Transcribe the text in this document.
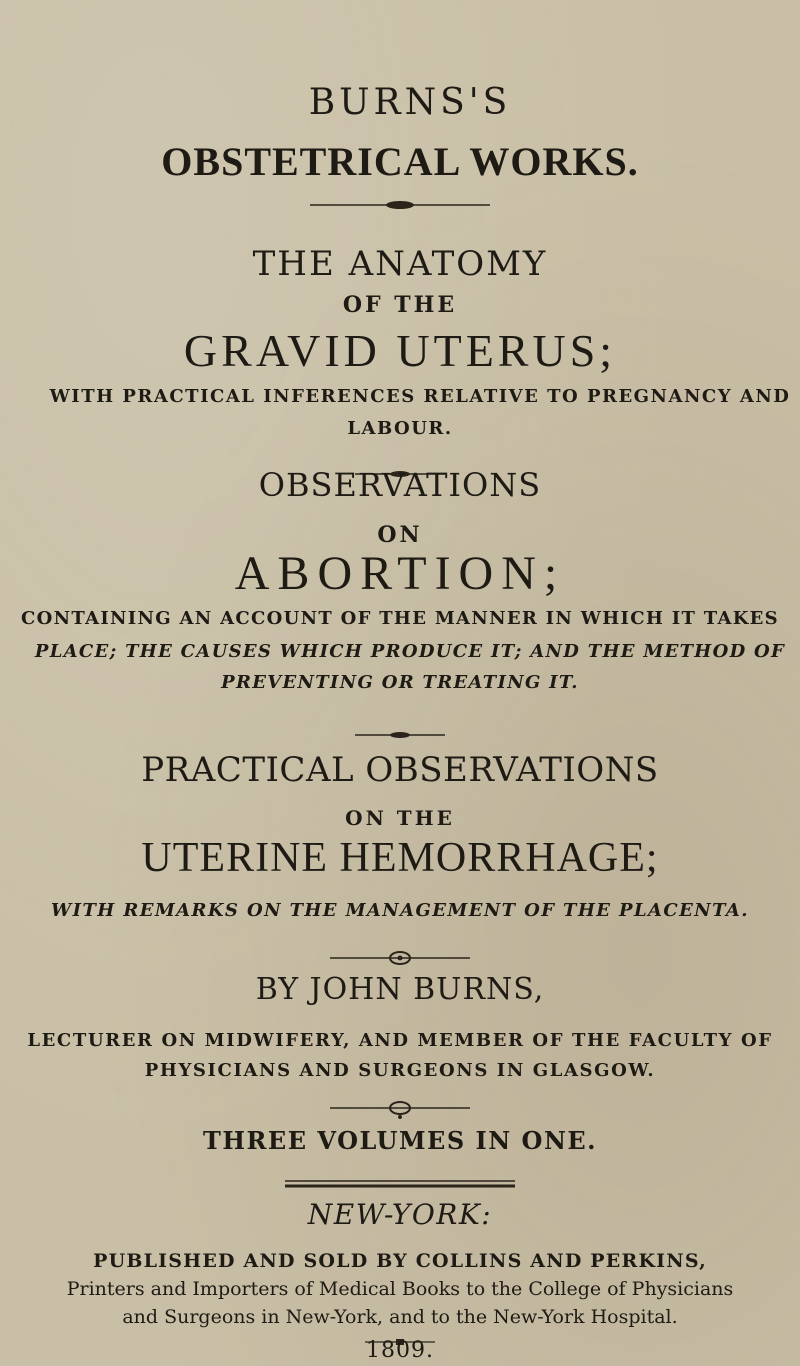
BURNS'S
OBSTETRICAL WORKS.
THE ANATOMY
OF THE
GRAVID UTERUS;
WITH PRACTICAL INFERENCES RELATIVE TO PREGNANCY AND
LABOUR.
OBSERVATIONS
ON
ABORTION;
CONTAINING AN ACCOUNT OF THE MANNER IN WHICH IT TAKES
PLACE; THE CAUSES WHICH PRODUCE IT; AND THE METHOD OF
PREVENTING OR TREATING IT.
PRACTICAL OBSERVATIONS
ON THE
UTERINE HEMORRHAGE;
WITH REMARKS ON THE MANAGEMENT OF THE PLACENTA.
BY JOHN BURNS,
LECTURER ON MIDWIFERY, AND MEMBER OF THE FACULTY OF
PHYSICIANS AND SURGEONS IN GLASGOW.
THREE VOLUMES IN ONE.
NEW-YORK:
PUBLISHED AND SOLD BY COLLINS AND PERKINS,
Printers and Importers of Medical Books to the College of Physicians
and Surgeons in New-York, and to the New-York Hospital.
1809.
